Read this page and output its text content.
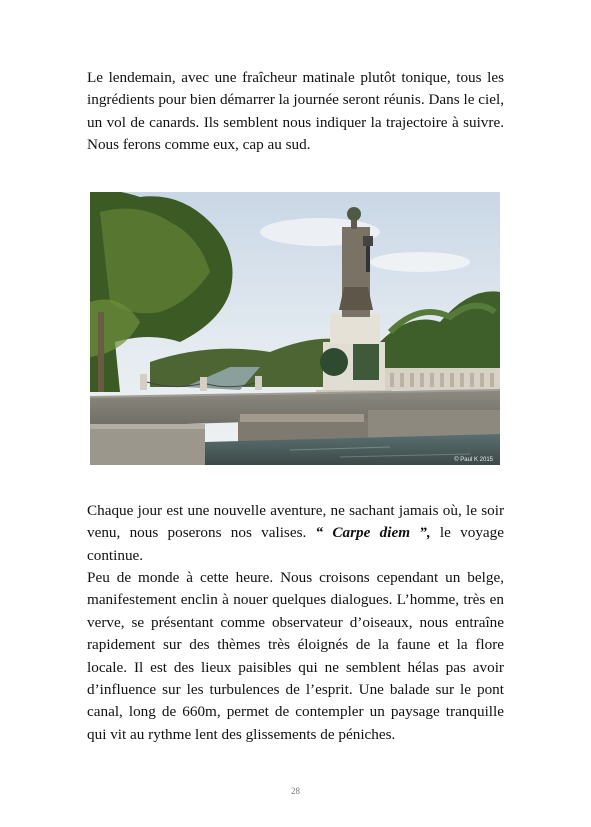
Le lendemain, avec une fraîcheur matinale plutôt tonique, tous les ingrédients pour bien démarrer la journée seront réunis. Dans le ciel, un vol de canards. Ils semblent nous indiquer la trajectoire à suivre. Nous ferons comme eux, cap au sud.

© Paul K 2015

Chaque jour est une nouvelle aventure, ne sachant jamais où, le soir venu, nous poserons nos valises. “ Carpe diem ”, le voyage continue.

Peu de monde à cette heure. Nous croisons cependant un belge, manifestement enclin à nouer quelques dialogues. L’homme, très en verve, se présentant comme observateur d’oiseaux, nous entraîne rapidement sur des thèmes très éloignés de la faune et la flore locale. Il est des lieux paisibles qui ne semblent hélas pas avoir d’influence sur les turbulences de l’esprit. Une balade sur le pont canal, long de 660m, permet de contempler un paysage tranquille qui vit au rythme lent des glissements de péniches.

28
